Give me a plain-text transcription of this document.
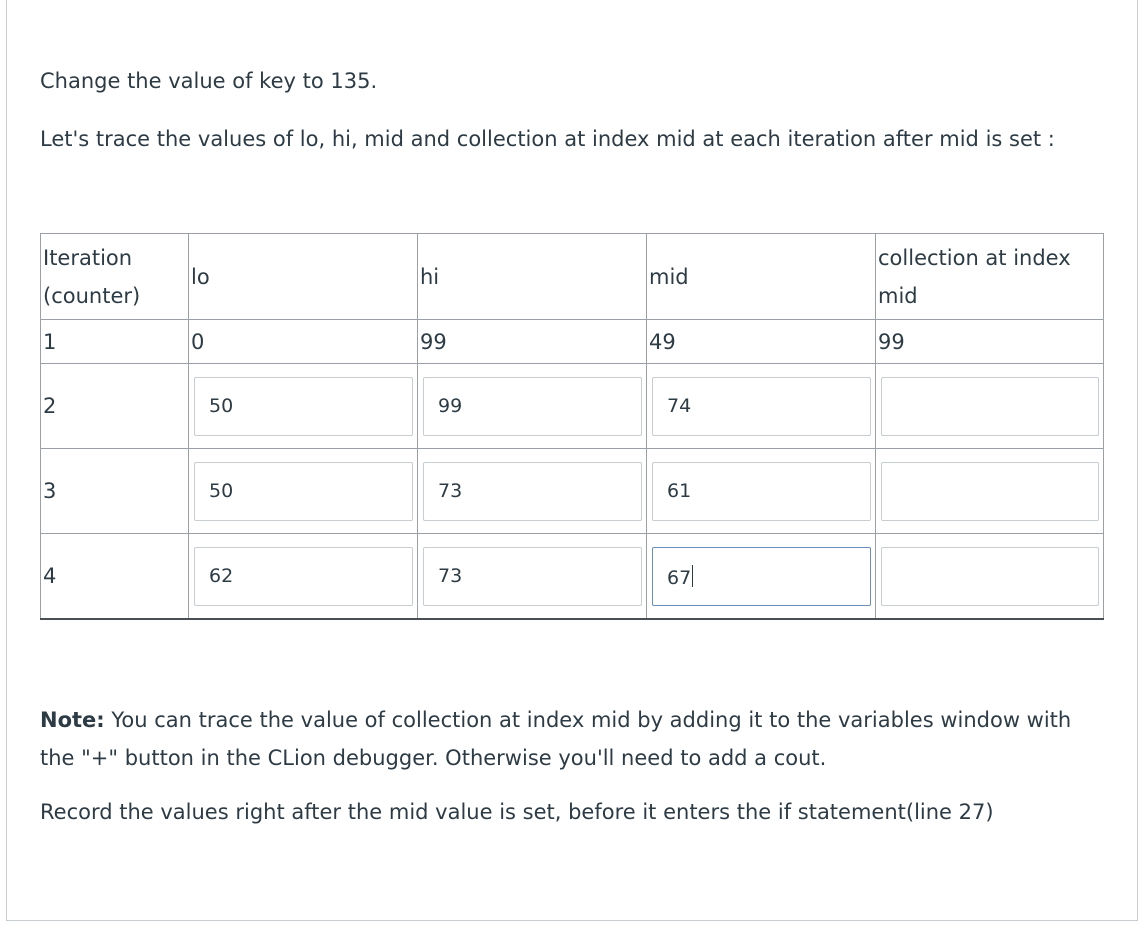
Change the value of key to 135.

Let's trace the values of lo, hi, mid and collection at index mid at each iteration after mid is set :

Iteration (counter)	lo	hi	mid	collection at index mid

1	0	99	49	99

2	50	99	74	

3	50	73	61	

4	62	73	67	

Note: You can trace the value of collection at index mid by adding it to the variables window with the "+" button in the CLion debugger. Otherwise you'll need to add a cout.

Record the values right after the mid value is set, before it enters the if statement(line 27)
